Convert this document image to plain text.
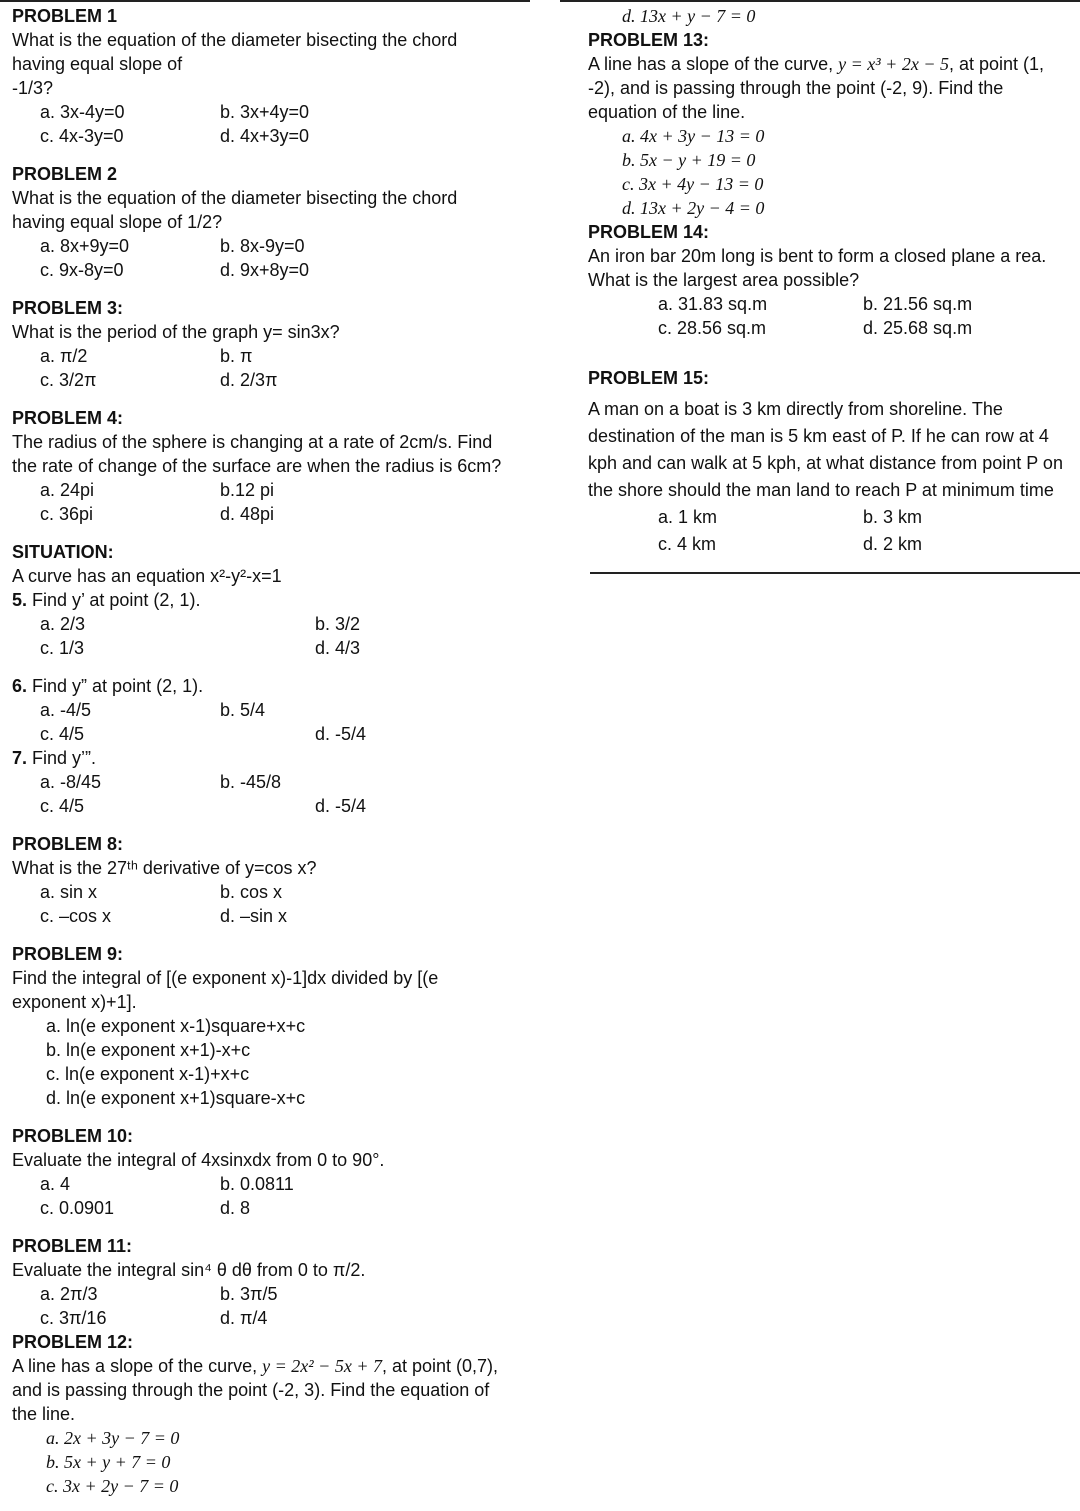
PROBLEM 1

What is the equation of the diameter bisecting the chord having equal slope of

-1/3?

a. 3x-4y=0	b. 3x+4y=0
c. 4x-3y=0	d. 4x+3y=0

PROBLEM 2

What is the equation of the diameter bisecting the chord having equal slope of 1/2?

a. 8x+9y=0	b. 8x-9y=0
c. 9x-8y=0	d. 9x+8y=0

PROBLEM 3:

What is the period of the graph y= sin3x?

a. π/2	b. π
c. 3/2π	d. 2/3π

PROBLEM 4:

The radius of the sphere is changing at a rate of 2cm/s. Find the rate of change of the surface are when the radius is 6cm?

a. 24pi	b.12 pi
c. 36pi	d. 48pi

SITUATION:

A curve has an equation x²-y²-x=1

5. Find y’ at point (2, 1).

a. 2/3	b. 3/2
c. 1/3	d. 4/3

6. Find y” at point (2, 1).

a. -4/5	b. 5/4
c. 4/5	d. -5/4

7. Find y’”.

a. -8/45	b. -45/8
c. 4/5	d. -5/4

PROBLEM 8:

What is the 27ᵗʰ derivative of y=cos x?

a. sin x	b. cos x
c. –cos x	d. –sin x

PROBLEM 9:

Find the integral of [(e exponent x)-1]dx divided by [(e exponent x)+1].

a. ln(e exponent x-1)square+x+c
b. ln(e exponent x+1)-x+c
c. ln(e exponent x-1)+x+c
d. ln(e exponent x+1)square-x+c

PROBLEM 10:

Evaluate the integral of 4xsinxdx from 0 to 90°.

a. 4	b. 0.0811
c. 0.0901	d. 8

PROBLEM 11:

Evaluate the integral sin⁴ θ dθ from 0 to π/2.

a. 2π/3	b. 3π/5
c. 3π/16	d. π/4

PROBLEM 12:

A line has a slope of the curve, y = 2x² − 5x + 7, at point (0,7), and is passing through the point (-2, 3). Find the equation of the line.

a. 2x + 3y − 7 = 0
b. 5x + y + 7 = 0
c. 3x + 2y − 7 = 0
d. 13x + y − 7 = 0

PROBLEM 13:

A line has a slope of the curve, y = x³ + 2x − 5, at point (1, -2), and is passing through the point (-2, 9). Find the equation of the line.

a. 4x + 3y − 13 = 0
b. 5x − y + 19 = 0
c. 3x + 4y − 13 = 0
d. 13x + 2y − 4 = 0

PROBLEM 14:

An iron bar 20m long is bent to form a closed plane a rea. What is the largest area possible?

a. 31.83 sq.m	b. 21.56 sq.m
c. 28.56 sq.m	d. 25.68 sq.m

PROBLEM 15:

A man on a boat is 3 km directly from shoreline. The destination of the man is 5 km east of P. If he can row at 4 kph and can walk at 5 kph, at what distance from point P on the shore should the man land to reach P at minimum time

a. 1 km	b. 3 km
c. 4 km	d. 2 km
